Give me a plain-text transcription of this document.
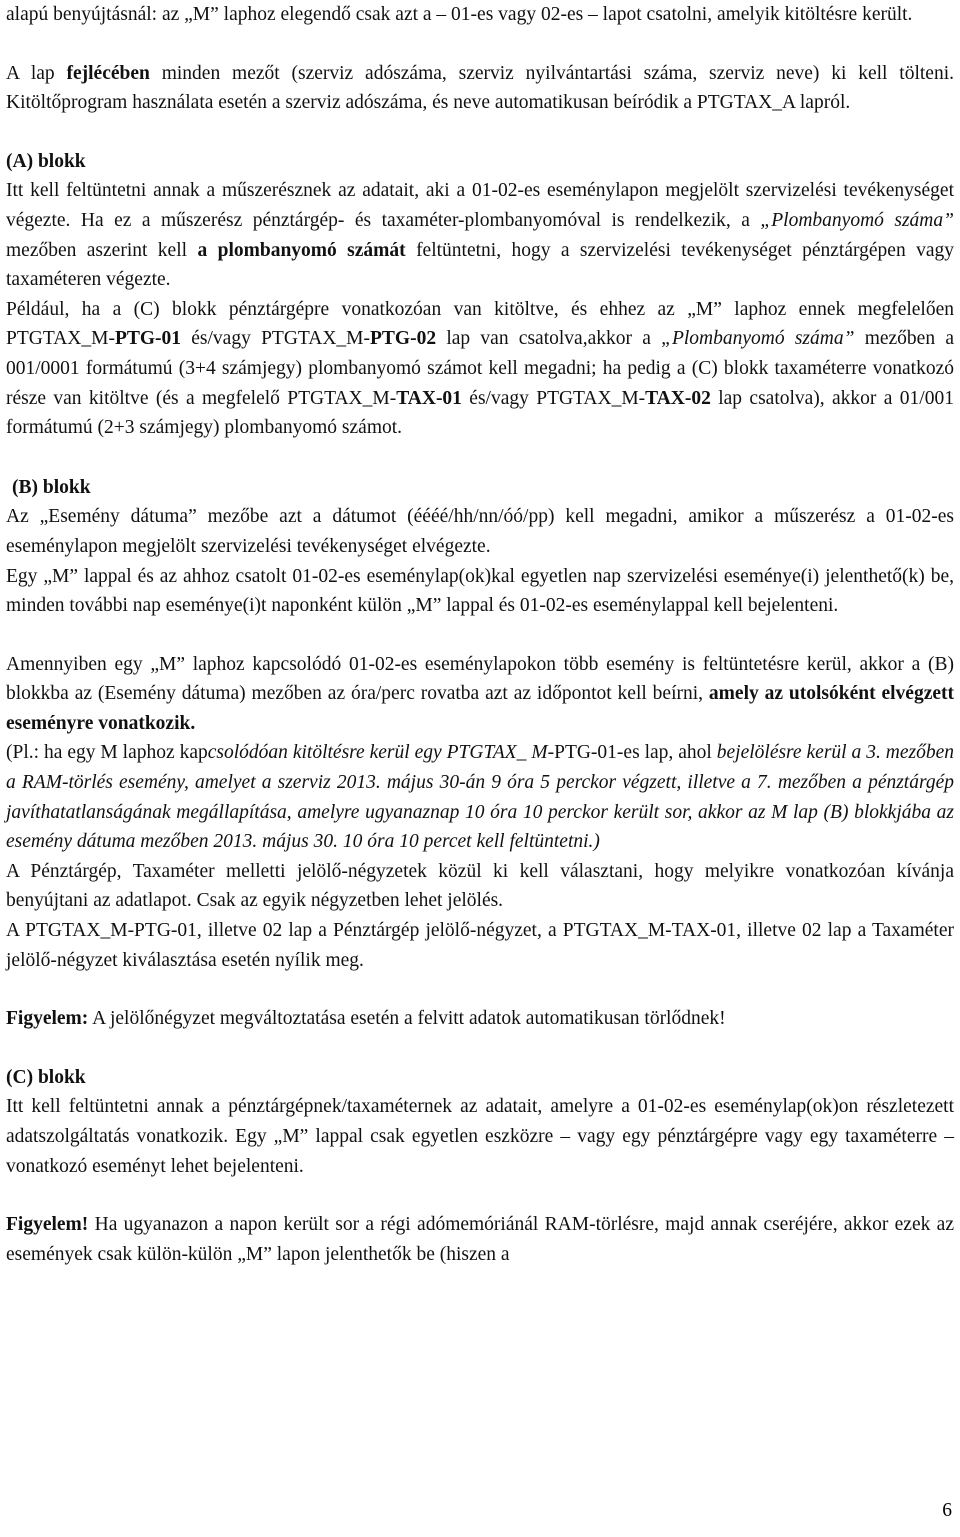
alapú benyújtásnál: az „M” laphoz elegendő csak azt a – 01-es vagy 02-es – lapot csatolni, amelyik kitöltésre került.

A lap fejlécében minden mezőt (szerviz adószáma, szerviz nyilvántartási száma, szerviz neve) ki kell tölteni. Kitöltőprogram használata esetén a szerviz adószáma, és neve automatikusan beíródik a PTGTAX_A lapról.

(A) blokk

Itt kell feltüntetni annak a műszerésznek az adatait, aki a 01-02-es eseménylapon megjelölt szervizelési tevékenységet végezte. Ha ez a műszerész pénztárgép- és taxaméter-plombanyomóval is rendelkezik, a „Plombanyomó száma” mezőben aszerint kell a plombanyomó számát feltüntetni, hogy a szervizelési tevékenységet pénztárgépen vagy taxaméteren végezte.

Például, ha a (C) blokk pénztárgépre vonatkozóan van kitöltve, és ehhez az „M” laphoz ennek megfelelően PTGTAX_M-PTG-01 és/vagy PTGTAX_M-PTG-02 lap van csatolva,akkor a „Plombanyomó száma” mezőben a 001/0001 formátumú (3+4 számjegy) plombanyomó számot kell megadni; ha pedig a (C) blokk taxaméterre vonatkozó része van kitöltve (és a megfelelő PTGTAX_M-TAX-01 és/vagy PTGTAX_M-TAX-02 lap csatolva), akkor a 01/001 formátumú (2+3 számjegy) plombanyomó számot.

(B) blokk

Az „Esemény dátuma” mezőbe azt a dátumot (éééé/hh/nn/óó/pp) kell megadni, amikor a műszerész a 01-02-es eseménylapon megjelölt szervizelési tevékenységet elvégezte.

Egy „M” lappal és az ahhoz csatolt 01-02-es eseménylap(ok)kal egyetlen nap szervizelési eseménye(i) jelenthető(k) be, minden további nap eseménye(i)t naponként külön „M” lappal és 01-02-es eseménylappal kell bejelenteni.

Amennyiben egy „M” laphoz kapcsolódó 01-02-es eseménylapokon több esemény is feltüntetésre kerül, akkor a (B) blokkba az (Esemény dátuma) mezőben az óra/perc rovatba azt az időpontot kell beírni, amely az utolsóként elvégzett eseményre vonatkozik.

(Pl.: ha egy M laphoz kapcsolódóan kitöltésre kerül egy PTGTAX_ M-PTG-01-es lap, ahol bejelölésre kerül a 3. mezőben a RAM-törlés esemény, amelyet a szerviz 2013. május 30-án 9 óra 5 perckor végzett, illetve a 7. mezőben a pénztárgép javíthatatlanságának megállapítása, amelyre ugyanaznap 10 óra 10 perckor került sor, akkor az M lap (B) blokkjába az esemény dátuma mezőben 2013. május 30. 10 óra 10 percet kell feltüntetni.)

A Pénztárgép, Taxaméter melletti jelölő-négyzetek közül ki kell választani, hogy melyikre vonatkozóan kívánja benyújtani az adatlapot. Csak az egyik négyzetben lehet jelölés.

A PTGTAX_M-PTG-01, illetve 02 lap a Pénztárgép jelölő-négyzet, a PTGTAX_M-TAX-01, illetve 02 lap a Taxaméter jelölő-négyzet kiválasztása esetén nyílik meg.

Figyelem: A jelölőnégyzet megváltoztatása esetén a felvitt adatok automatikusan törlődnek!

(C) blokk

Itt kell feltüntetni annak a pénztárgépnek/taxaméternek az adatait, amelyre a 01-02-es eseménylap(ok)on részletezett adatszolgáltatás vonatkozik. Egy „M” lappal csak egyetlen eszközre – vagy egy pénztárgépre vagy egy taxaméterre – vonatkozó eseményt lehet bejelenteni.

Figyelem! Ha ugyanazon a napon került sor a régi adómemóriánál RAM-törlésre, majd annak cseréjére, akkor ezek az események csak külön-külön „M” lapon jelenthetők be (hiszen a

6
